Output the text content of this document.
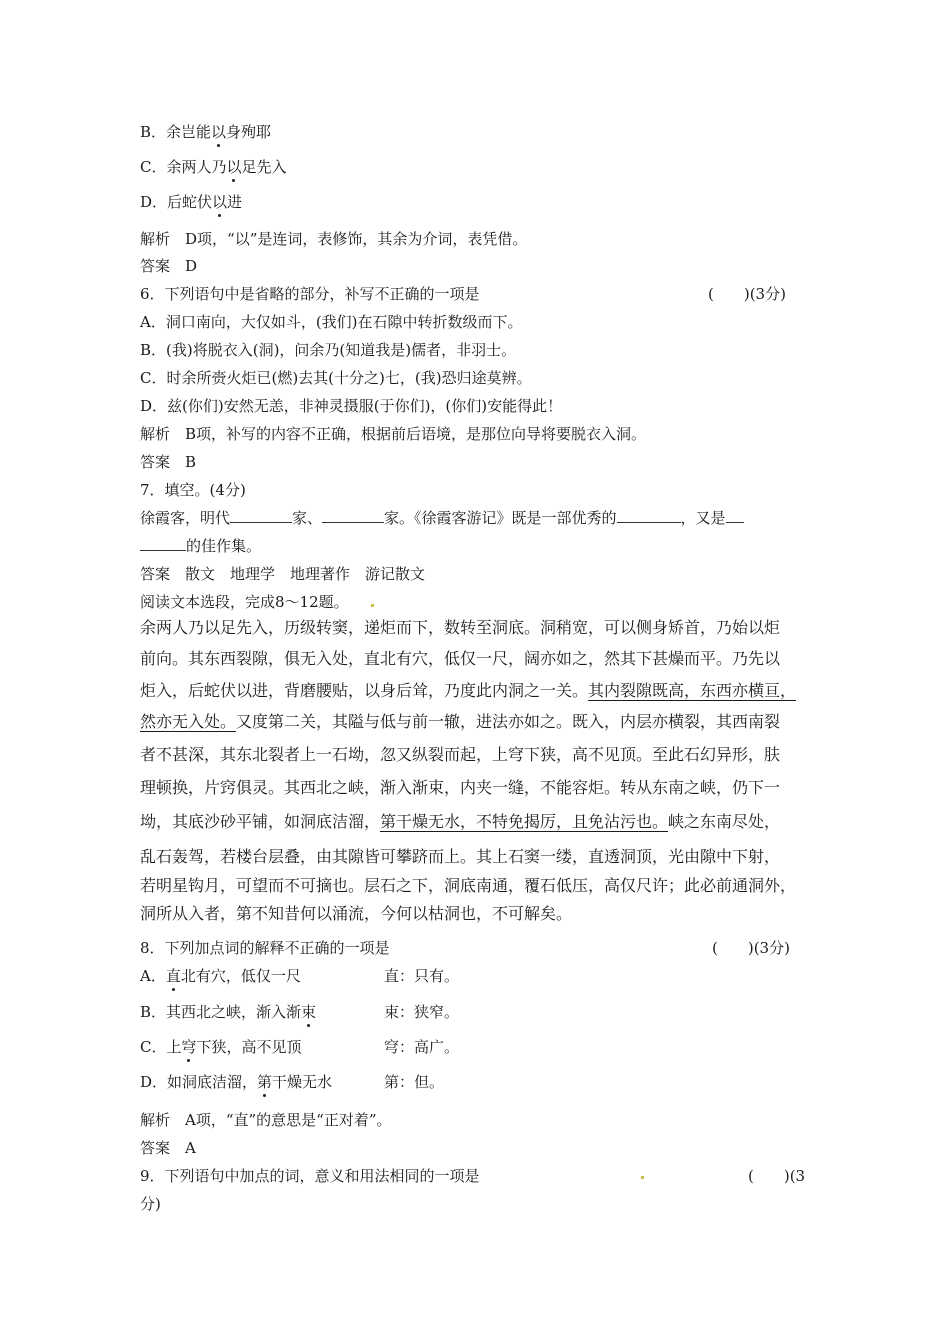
B．余岂能以身殉耶
C．余两人乃以足先入
D．后蛇伏以进
解析　D项，“以”是连词，表修饰，其余为介词，表凭借。
答案　D
6．下列语句中是省略的部分，补写不正确的一项是	(　　)(3分)
A．洞口南向，大仅如斗，(我们)在石隙中转折数级而下。
B．(我)将脱衣入(洞)，问余乃(知道我是)儒者，非羽士。
C．时余所赍火炬已(燃)去其(十分之)七，(我)恐归途莫辨。
D．兹(你们)安然无恙，非神灵摄服(于你们)，(你们)安能得此！
解析　B项，补写的内容不正确，根据前后语境，是那位向导将要脱衣入洞。
答案　B
7．填空。(4分)
徐霞客，明代	家、	家。《徐霞客游记》既是一部优秀的	，又是
的佳作集。
答案　散文　地理学　地理著作　游记散文
阅读文本选段，完成8～12题。
余两人乃以足先入，历级转窦，递炬而下，数转至洞底。洞稍宽，可以侧身矫首，乃始以炬
前向。其东西裂隙，俱无入处，直北有穴，低仅一尺，阔亦如之，然其下甚燥而平。乃先以
炬入，后蛇伏以进，背磨腰贴，以身后耸，乃度此内洞之一关。其内裂隙既高，东西亦横亘，
然亦无入处。又度第二关，其隘与低与前一辙，进法亦如之。既入，内层亦横裂，其西南裂
者不甚深，其东北裂者上一石坳，忽又纵裂而起，上穹下狭，高不见顶。至此石幻异形，肤
理顿换，片窍俱灵。其西北之峡，渐入渐束，内夹一缝，不能容炬。转从东南之峡，仍下一
坳，其底沙砂平铺，如洞底洁溜，第干燥无水，不特免揭厉，且免沾污也。峡之东南尽处，
乱石轰驾，若楼台层叠，由其隙皆可攀跻而上。其上石窦一缕，直透洞顶，光由隙中下射，
若明星钩月，可望而不可摘也。层石之下，洞底南通，覆石低压，高仅尺许；此必前通洞外，
洞所从入者，第不知昔何以涌流，今何以枯洞也，不可解矣。
8．下列加点词的解释不正确的一项是	(　　)(3分)
A．直北有穴，低仅一尺	直：只有。
B．其西北之峡，渐入渐束	束：狭窄。
C．上穹下狭，高不见顶	穹：高广。
D．如洞底洁溜，第干燥无水	第：但。
解析　A项，“直”的意思是“正对着”。
答案　A
9．下列语句中加点的词，意义和用法相同的一项是	(　　)(3
分)
